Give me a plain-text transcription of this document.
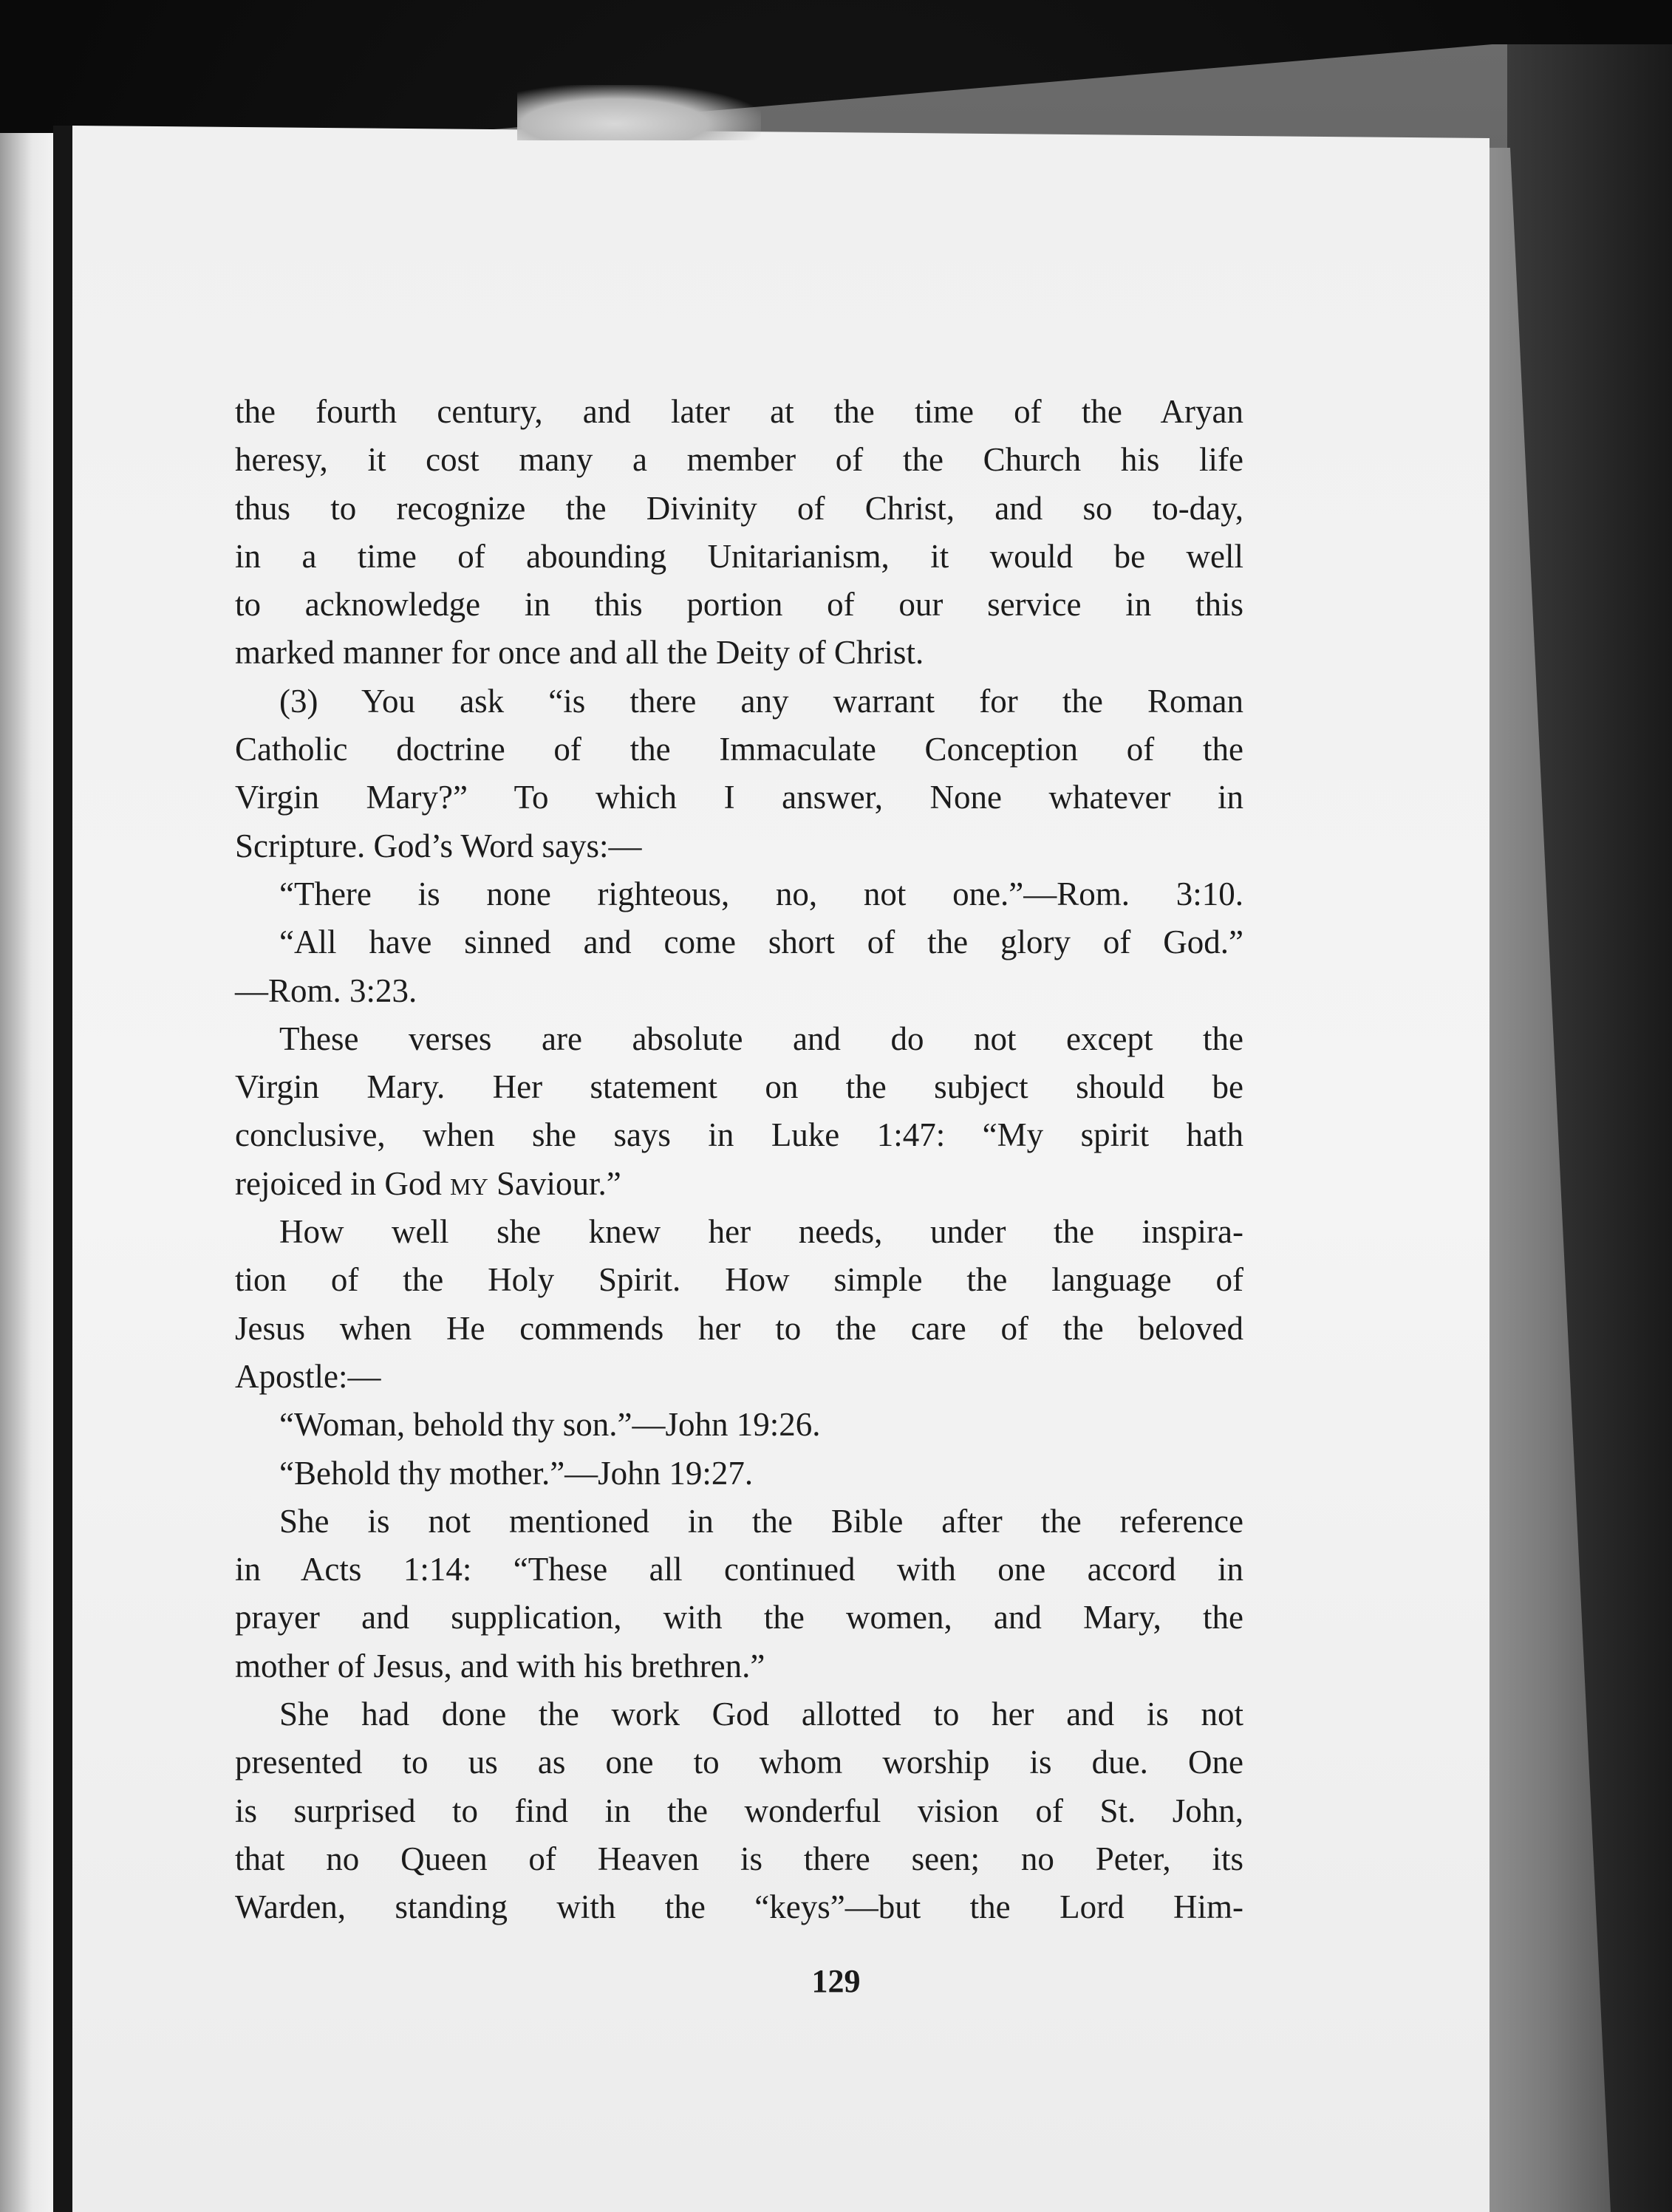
the fourth century, and later at the time of the Aryan

heresy, it cost many a member of the Church his life

thus to recognize the Divinity of Christ, and so to-day,

in a time of abounding Unitarianism, it would be well

to acknowledge in this portion of our service in this

marked manner for once and all the Deity of Christ.

(3) You ask “is there any warrant for the Roman

Catholic doctrine of the Immaculate Conception of the

Virgin Mary?” To which I answer, None whatever in

Scripture. God’s Word says:—

“There is none righteous, no, not one.”—Rom. 3:10.

“All have sinned and come short of the glory of God.”

—Rom. 3:23.

These verses are absolute and do not except the

Virgin Mary. Her statement on the subject should be

conclusive, when she says in Luke 1:47: “My spirit hath

rejoiced in God my Saviour.”

How well she knew her needs, under the inspira-

tion of the Holy Spirit. How simple the language of

Jesus when He commends her to the care of the beloved

Apostle:—

“Woman, behold thy son.”—John 19:26.

“Behold thy mother.”—John 19:27.

She is not mentioned in the Bible after the reference

in Acts 1:14: “These all continued with one accord in

prayer and supplication, with the women, and Mary, the

mother of Jesus, and with his brethren.”

She had done the work God allotted to her and is not

presented to us as one to whom worship is due. One

is surprised to find in the wonderful vision of St. John,

that no Queen of Heaven is there seen; no Peter, its

Warden, standing with the “keys”—but the Lord Him-

129
